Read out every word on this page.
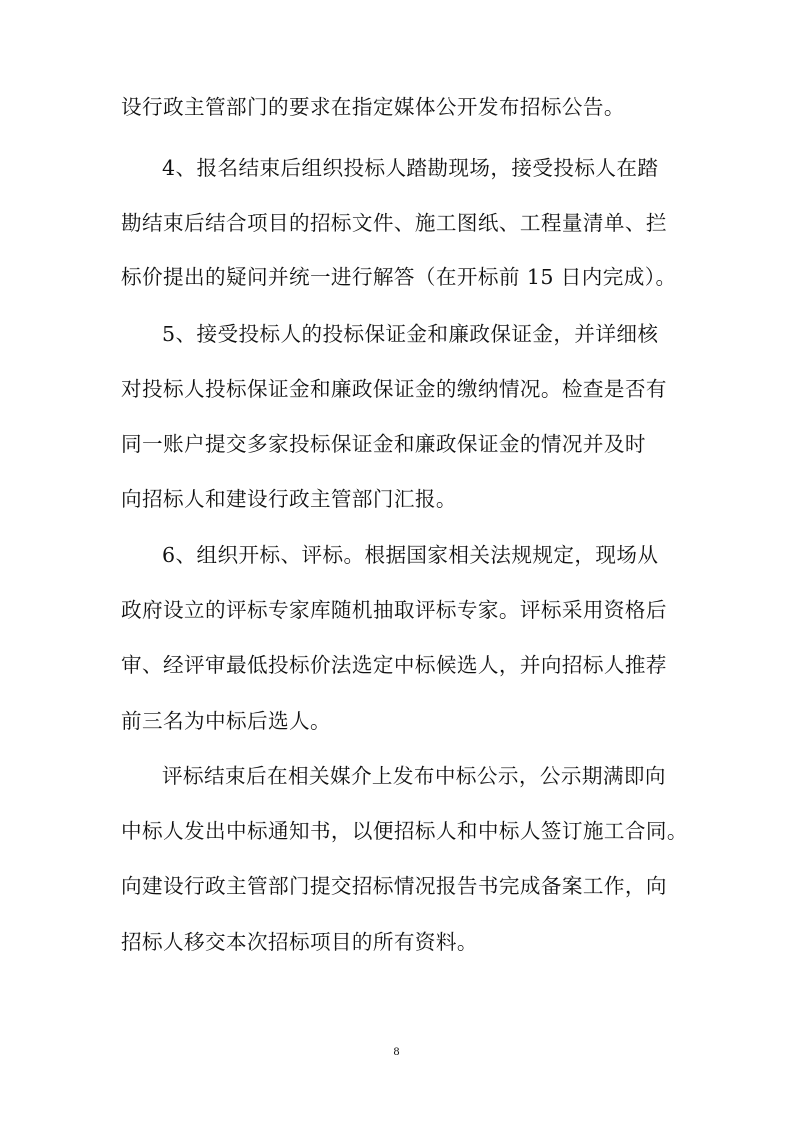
设行政主管部门的要求在指定媒体公开发布招标公告。
4、报名结束后组织投标人踏勘现场，接受投标人在踏
勘结束后结合项目的招标文件、施工图纸、工程量清单、拦
标价提出的疑问并统一进行解答（在开标前 15 日内完成）。
5、接受投标人的投标保证金和廉政保证金，并详细核
对投标人投标保证金和廉政保证金的缴纳情况。检查是否有
同一账户提交多家投标保证金和廉政保证金的情况并及时
向招标人和建设行政主管部门汇报。
6、组织开标、评标。根据国家相关法规规定，现场从
政府设立的评标专家库随机抽取评标专家。评标采用资格后
审、经评审最低投标价法选定中标候选人，并向招标人推荐
前三名为中标后选人。
评标结束后在相关媒介上发布中标公示，公示期满即向
中标人发出中标通知书，以便招标人和中标人签订施工合同。
向建设行政主管部门提交招标情况报告书完成备案工作，向
招标人移交本次招标项目的所有资料。
8
